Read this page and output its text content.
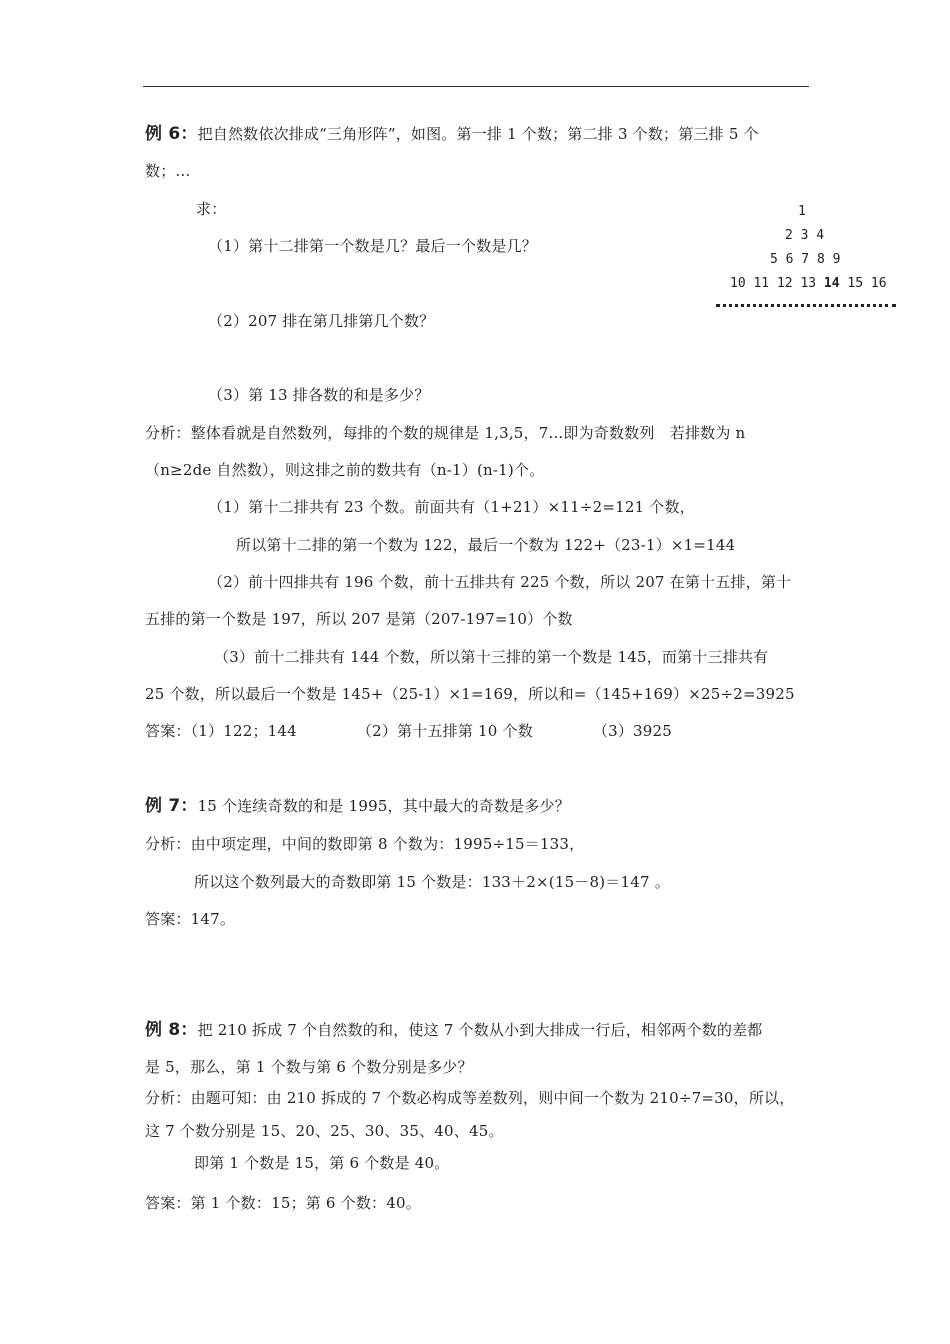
例 6：把自然数依次排成“三角形阵”，如图。第一排 1 个数；第二排 3 个数；第三排 5 个
数；…
求：
（1）第十二排第一个数是几？最后一个数是几？
（2）207 排在第几排第几个数？
（3）第 13 排各数的和是多少？
1
2 3 4
5 6 7 8 9
10 11 12 13 14 15 16
分析：整体看就是自然数列，每排的个数的规律是 1,3,5，7...即为奇数数列　若排数为 n
（n≥2de 自然数），则这排之前的数共有（n-1）(n-1)个。
（1）第十二排共有 23 个数。前面共有（1+21）×11÷2=121 个数，
所以第十二排的第一个数为 122，最后一个数为 122+（23-1）×1=144
（2）前十四排共有 196 个数，前十五排共有 225 个数，所以 207 在第十五排，第十
五排的第一个数是 197，所以 207 是第（207-197=10）个数
（3）前十二排共有 144 个数，所以第十三排的第一个数是 145，而第十三排共有
25 个数，所以最后一个数是 145+（25-1）×1=169，所以和=（145+169）×25÷2=3925
答案：（1）122；144	（2）第十五排第 10 个数	（3）3925
例 7：15 个连续奇数的和是 1995，其中最大的奇数是多少？
分析：由中项定理，中间的数即第 8 个数为：1995÷15＝133，
所以这个数列最大的奇数即第 15 个数是：133＋2×(15－8)＝147 。
答案：147。
例 8：把 210 拆成 7 个自然数的和，使这 7 个数从小到大排成一行后，相邻两个数的差都
是 5，那么，第 1 个数与第 6 个数分别是多少？
分析：由题可知：由 210 拆成的 7 个数必构成等差数列，则中间一个数为 210÷7=30，所以，
这 7 个数分别是 15、20、25、30、35、40、45。
即第 1 个数是 15，第 6 个数是 40。
答案：第 1 个数：15；第 6 个数：40。
